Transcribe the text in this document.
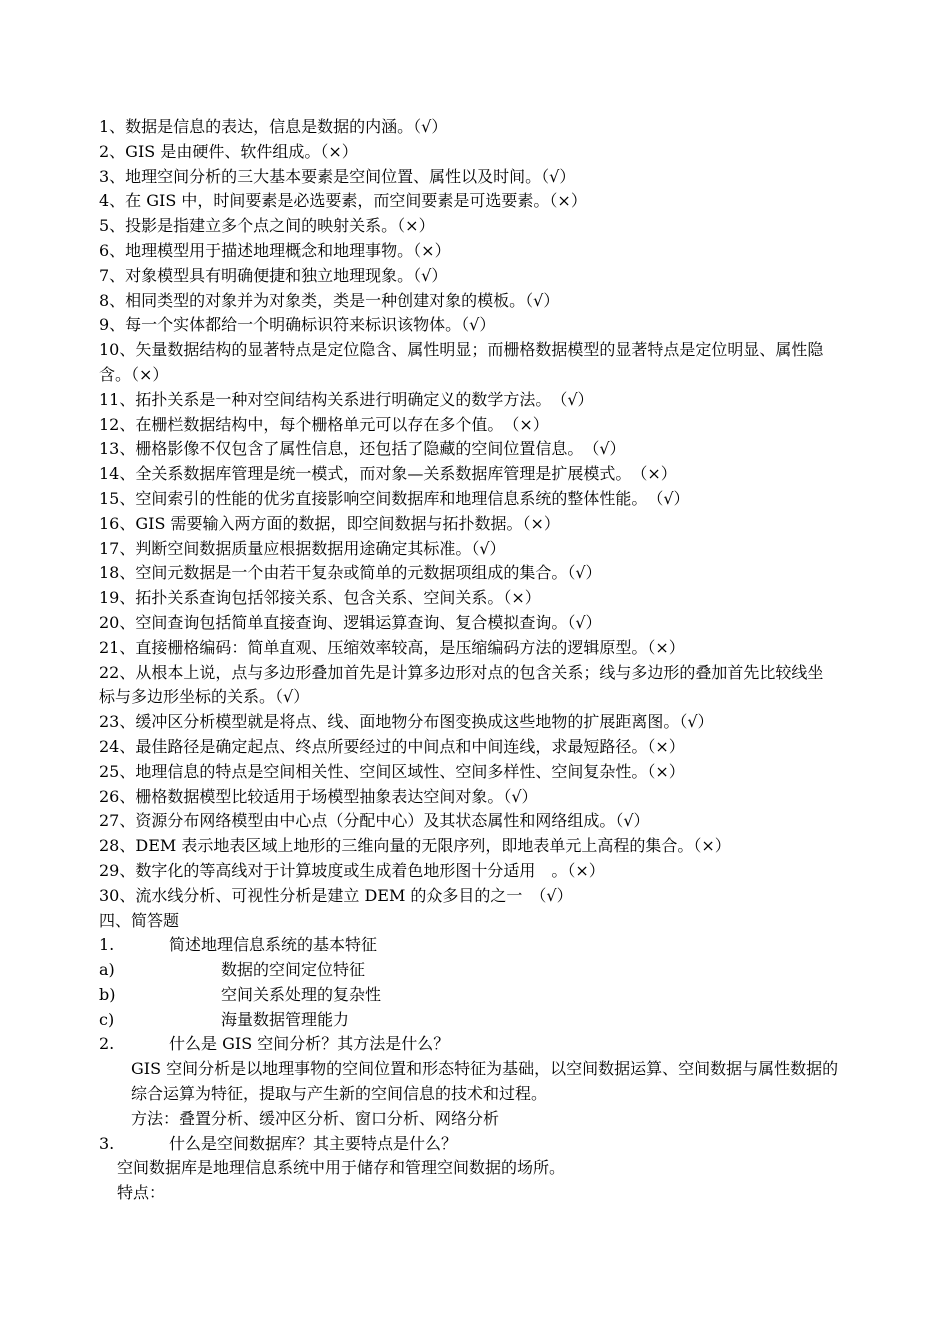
1、数据是信息的表达，信息是数据的内涵。（√）
2、GIS 是由硬件、软件组成。（×）
3、地理空间分析的三大基本要素是空间位置、属性以及时间。（√）
4、在 GIS 中，时间要素是必选要素，而空间要素是可选要素。（×）
5、投影是指建立多个点之间的映射关系。（×）
6、地理模型用于描述地理概念和地理事物。（×）
7、对象模型具有明确便捷和独立地理现象。（√）
8、相同类型的对象并为对象类，类是一种创建对象的模板。（√）
9、每一个实体都给一个明确标识符来标识该物体。（√）
10、矢量数据结构的显著特点是定位隐含、属性明显；而栅格数据模型的显著特点是定位明显、属性隐含。（×）
11、拓扑关系是一种对空间结构关系进行明确定义的数学方法。　（√）
12、在栅栏数据结构中，每个栅格单元可以存在多个值。　（×）
13、栅格影像不仅包含了属性信息，还包括了隐藏的空间位置信息。　（√）
14、全关系数据库管理是统一模式，而对象—关系数据库管理是扩展模式。　（×）
15、空间索引的性能的优劣直接影响空间数据库和地理信息系统的整体性能。　（√）
16、GIS 需要输入两方面的数据，即空间数据与拓扑数据。（×）
17、判断空间数据质量应根据数据用途确定其标准。（√）
18、空间元数据是一个由若干复杂或简单的元数据项组成的集合。（√）
19、拓扑关系查询包括邻接关系、包含关系、空间关系。（×）
20、空间查询包括简单直接查询、逻辑运算查询、复合模拟查询。（√）
21、直接栅格编码：简单直观、压缩效率较高，是压缩编码方法的逻辑原型。（×）
22、从根本上说，点与多边形叠加首先是计算多边形对点的包含关系；线与多边形的叠加首先比较线坐标与多边形坐标的关系。（√）
23、缓冲区分析模型就是将点、线、面地物分布图变换成这些地物的扩展距离图。（√）
24、最佳路径是确定起点、终点所要经过的中间点和中间连线，求最短路径。（×）
25、地理信息的特点是空间相关性、空间区域性、空间多样性、空间复杂性。（×）
26、栅格数据模型比较适用于场模型抽象表达空间对象。（√）
27、资源分布网络模型由中心点（分配中心）及其状态属性和网络组成。（√）
28、DEM 表示地表区域上地形的三维向量的无限序列，即地表单元上高程的集合。（×）
29、数字化的等高线对于计算坡度或生成着色地形图十分适用　。（×）
30、流水线分析、可视性分析是建立 DEM 的众多目的之一　（√）
四、简答题
1.	简述地理信息系统的基本特征
a)	数据的空间定位特征
b)	空间关系处理的复杂性
c)	海量数据管理能力
2.	什么是 GIS 空间分析？其方法是什么？
GIS 空间分析是以地理事物的空间位置和形态特征为基础，以空间数据运算、空间数据与属性数据的综合运算为特征，提取与产生新的空间信息的技术和过程。
方法：叠置分析、缓冲区分析、窗口分析、网络分析
3.	什么是空间数据库？其主要特点是什么？
空间数据库是地理信息系统中用于储存和管理空间数据的场所。
特点：
